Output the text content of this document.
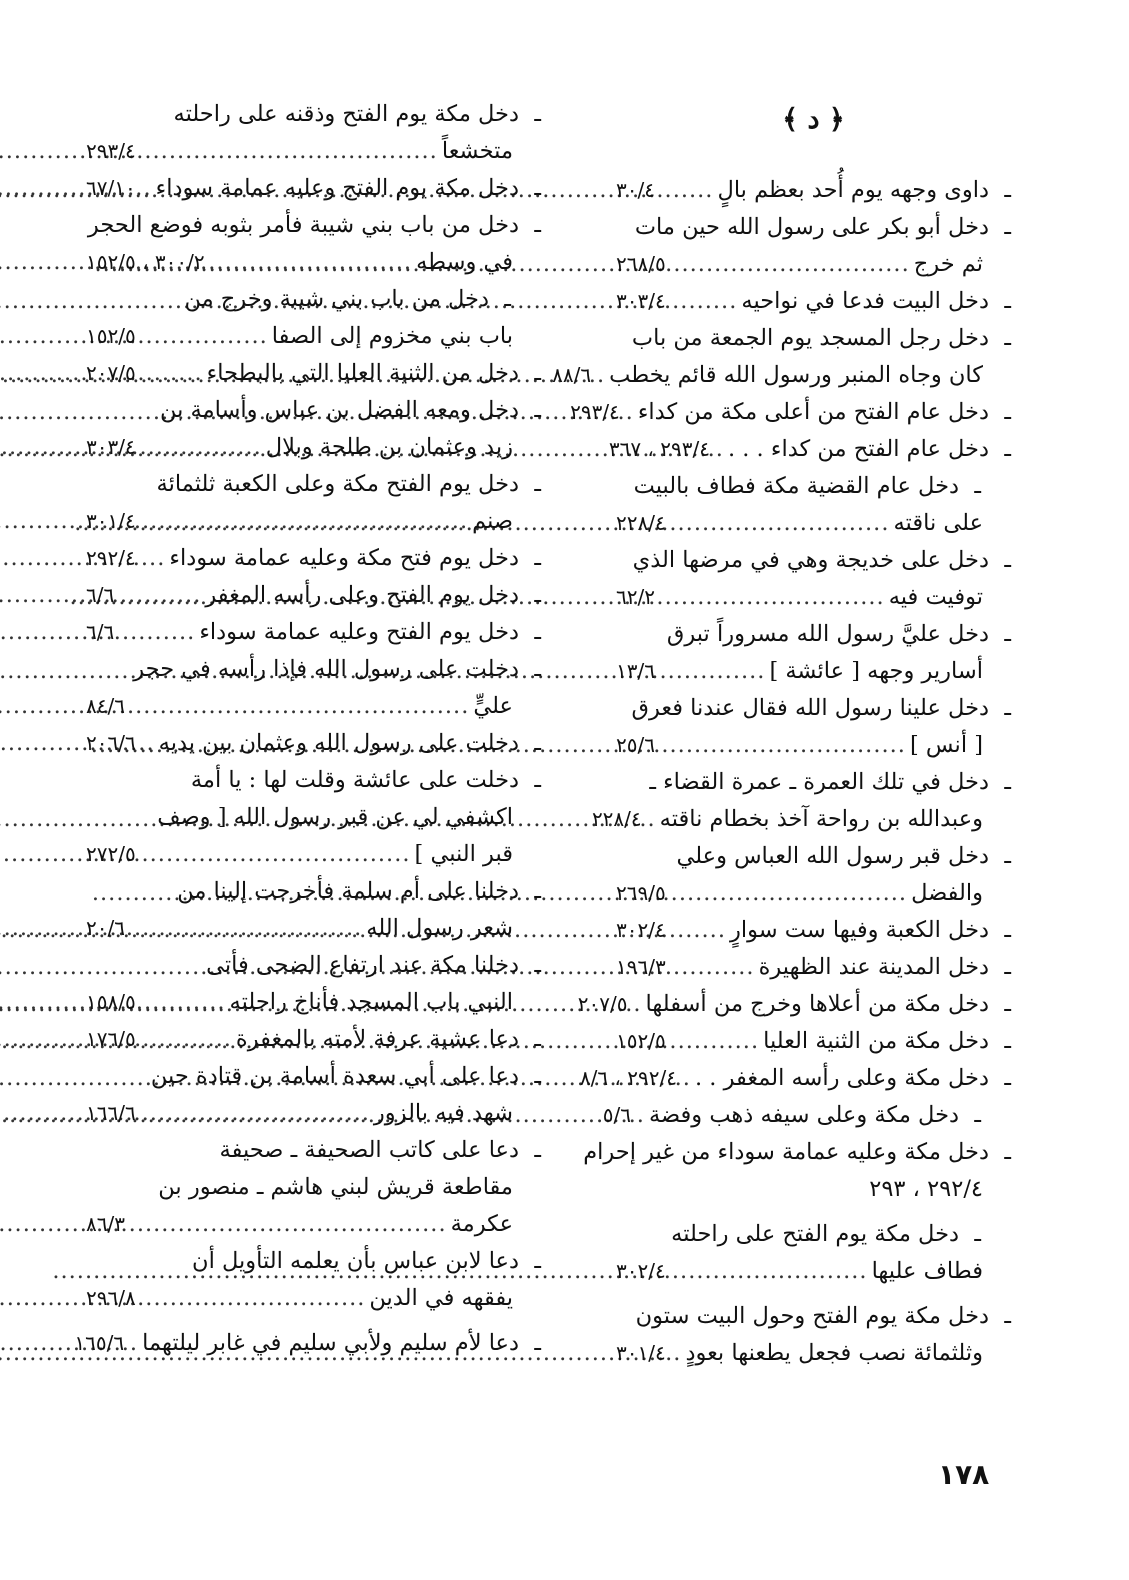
﴿ د ﴾
ـ
داوى وجهه يوم أُحد بعظم بالٍ
.....
٣٠/٤
ـ
دخل أبو بكر على رسول الله حين مات
ثم خرج
.....
٢٦٨/٥
ـ
دخل البيت فدعا في نواحيه
.....
٣٠٣/٤
ـ
دخل رجل المسجد يوم الجمعة من باب
كان وجاه المنبر ورسول الله قائم يخطب
.....
٨٨/٦
ـ
دخل عام الفتح من أعلى مكة من كداء
.....
٢٩٣/٤
ـ
دخل عام الفتح من كداء . . .
.....
٢٩٣/٤ ، ٣٦٧
ـ
دخل عام القضية مكة فطاف بالبيت
على ناقته
.....
٢٢٨/٤
ـ
دخل على خديجة وهي في مرضها الذي
توفيت فيه
.....
٦٢/٢
ـ
دخل عليَّ رسول الله مسروراً تبرق
أسارير وجهه [ عائشة ]
.....
١٣/٦
ـ
دخل علينا رسول الله فقال عندنا فعرق
[ أنس ]
.....
٢٥/٦
ـ
دخل في تلك العمرة ـ عمرة القضاء ـ
وعبدالله بن رواحة آخذ بخطام ناقته
.....
٢٢٨/٤
ـ
دخل قبر رسول الله العباس وعلي
والفضل
.....
٢٦٩/٥
ـ
دخل الكعبة وفيها ست سوارٍ
.....
٣٠٢/٤
ـ
دخل المدينة عند الظهيرة
.....
١٩٦/٣
ـ
دخل مكة من أعلاها وخرج من أسفلها
.....
٢٠٧/٥
ـ
دخل مكة من الثنية العليا
.....
١٥٢/٥
ـ
دخل مكة وعلى رأسه المغفر . .
.....
٢٩٢/٤ ، ٨/٦
ـ
دخل مكة وعلى سيفه ذهب وفضة
.....
٥/٦
ـ
دخل مكة وعليه عمامة سوداء من غير إحرام
٢٩٢/٤ ، ٢٩٣
ـ
دخل مكة يوم الفتح على راحلته
فطاف عليها
.....
٣٠٢/٤
ـ
دخل مكة يوم الفتح وحول البيت ستون
وثلثمائة نصب فجعل يطعنها بعودٍ
.....
٣٠١/٤
ـ
دخل مكة يوم الفتح وذقنه على راحلته
متخشعاً
.....
٢٩٣/٤
ـ
دخل مكة يوم الفتح وعليه عمامة سوداء
.....
٦٧/١٠
ـ
دخل من باب بني شيبة فأمر بثوبه فوضع الحجر
في وسطه
.....
٣٠٠/٢ ، ١٥٢/٥
ـ
دخل من باب بني شيبة وخرج من
باب بني مخزوم إلى الصفا
.....
١٥٢/٥
ـ
دخل من الثنية العليا التي بالبطحاء
.....
٢٠٧/٥
ـ
دخل ومعه الفضل بن عباس وأسامة بن
زيد وعثمان بن طلحة وبلال
.....
٣٠٣/٤
ـ
دخل يوم الفتح مكة وعلى الكعبة ثلثمائة
صنم
.....
٣٠١/٤
ـ
دخل يوم فتح مكة وعليه عمامة سوداء
.....
٢٩٢/٤
ـ
دخل يوم الفتح وعلى رأسه المغفر
.....
٦/٦
ـ
دخل يوم الفتح وعليه عمامة سوداء
.....
٦/٦
ـ
دخلت على رسول الله فإذا رأسه في حجر
عليٍّ
.....
٨٤/٦
ـ
دخلت على رسول الله وعثمان بين يديه
.....
٢٠٦/٦
ـ
دخلت على عائشة وقلت لها : يا أمة
اكشفي لي عن قبر رسول الله [ وصف
قبر النبي ]
.....
٢٧٢/٥
ـ
دخلنا على أم سلمة فأخرجت إلينا من
شعر رسول الله
.....
٢٠/٦
ـ
دخلنا مكة عند ارتفاع الضحى فأتى
النبي باب المسجد فأناخ راحلته
.....
١٥٨/٥
ـ
دعا عشية عرفة لأمته بالمغفرة
.....
١٧٦/٥
ـ
دعا على أبي سعدة أسامة بن قتادة حين
شهد فيه بالزور
.....
١٦٦/٦
ـ
دعا على كاتب الصحيفة ـ صحيفة
مقاطعة قريش لبني هاشم ـ منصور بن
عكرمة
.....
٨٦/٣
ـ
دعا لابن عباس بأن يعلمه التأويل أن
يفقهه في الدين
.....
٢٩٦/٨
ـ
دعا لأم سليم ولأبي سليم في غابر ليلتهما
.....
١٦٥/٦
١٧٨
